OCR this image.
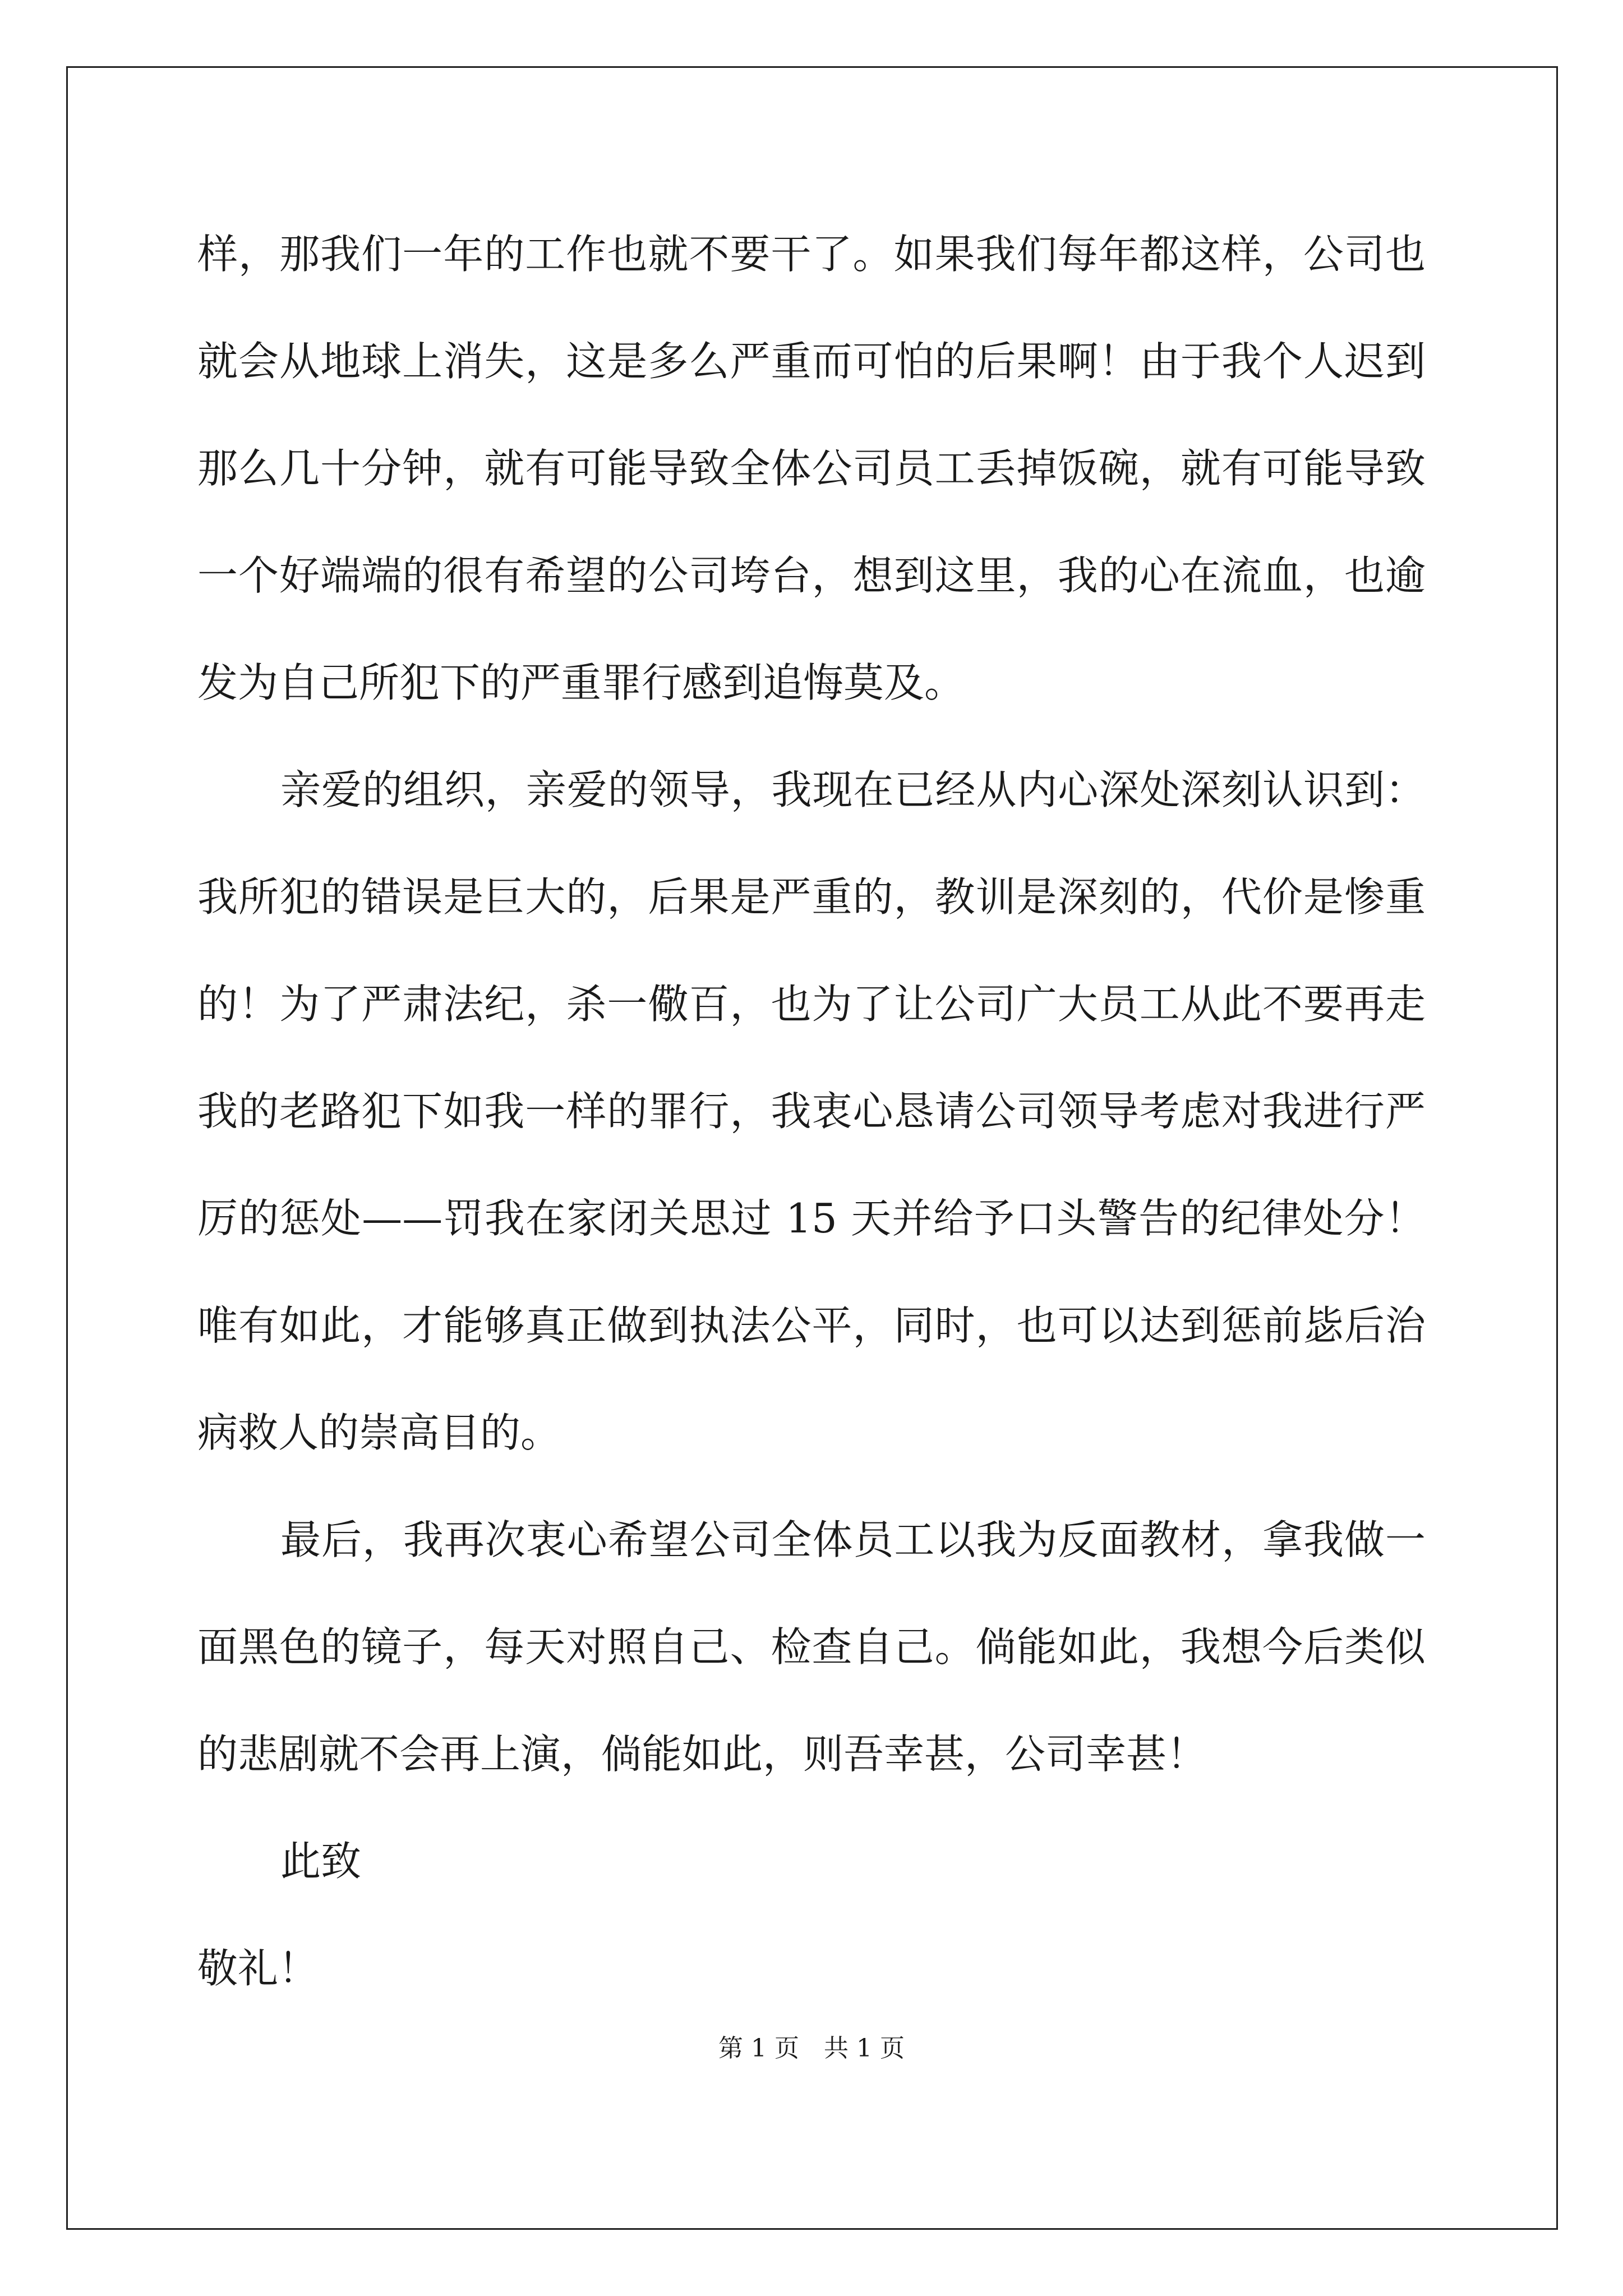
样，那我们一年的工作也就不要干了。如果我们每年都这样，公司也
就会从地球上消失，这是多么严重而可怕的后果啊！由于我个人迟到
那么几十分钟，就有可能导致全体公司员工丢掉饭碗，就有可能导致
一个好端端的很有希望的公司垮台，想到这里，我的心在流血，也逾
发为自己所犯下的严重罪行感到追悔莫及。
亲爱的组织，亲爱的领导，我现在已经从内心深处深刻认识到：
我所犯的错误是巨大的，后果是严重的，教训是深刻的，代价是惨重
的！为了严肃法纪，杀一儆百，也为了让公司广大员工从此不要再走
我的老路犯下如我一样的罪行，我衷心恳请公司领导考虑对我进行严
厉的惩处——罚我在家闭关思过 15 天并给予口头警告的纪律处分！
唯有如此，才能够真正做到执法公平，同时，也可以达到惩前毖后治
病救人的崇高目的。
最后，我再次衷心希望公司全体员工以我为反面教材，拿我做一
面黑色的镜子，每天对照自己、检查自己。倘能如此，我想今后类似
的悲剧就不会再上演，倘能如此，则吾幸甚，公司幸甚！
此致
敬礼！
第 1 页　共 1 页
